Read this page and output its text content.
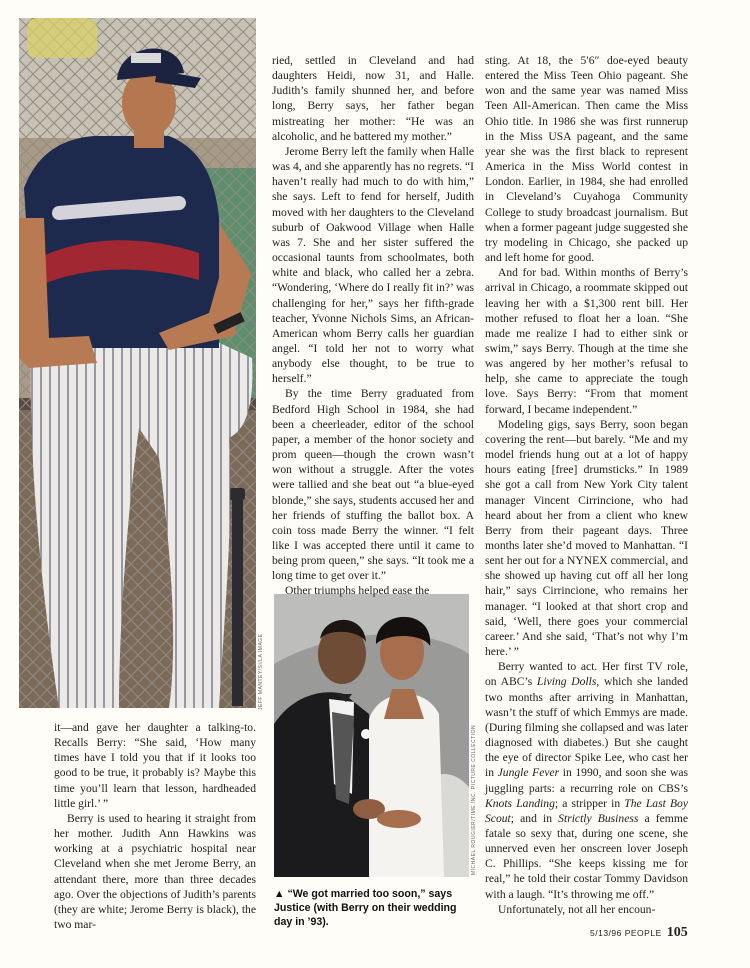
JEFF MANTEY/SI/LA IMAGE
MICHAEL ROUGIER/TIME INC. PICTURE COLLECTION
▲ “We got married too soon,” says Justice (with Berry on their wedding day in ’93).

it—and gave her daughter a talking-to. Recalls Berry: “She said, ‘How many times have I told you that if it looks too good to be true, it probably is? Maybe this time you’ll learn that lesson, hardheaded little girl.’ ”

Berry is used to hearing it straight from her mother. Judith Ann Hawkins was working at a psychiatric hospital near Cleveland when she met Jerome Berry, an attendant there, more than three decades ago. Over the objections of Judith’s parents (they are white; Jerome Berry is black), the two mar-

ried, settled in Cleveland and had daughters Heidi, now 31, and Halle. Judith’s family shunned her, and before long, Berry says, her father began mistreating her mother: “He was an alcoholic, and he battered my mother.”

Jerome Berry left the family when Halle was 4, and she apparently has no regrets. “I haven’t really had much to do with him,” she says. Left to fend for herself, Judith moved with her daughters to the Cleveland suburb of Oakwood Village when Halle was 7. She and her sister suffered the occasional taunts from schoolmates, both white and black, who called her a zebra. “Wondering, ‘Where do I really fit in?’ was challenging for her,” says her fifth-grade teacher, Yvonne Nichols Sims, an African-American whom Berry calls her guardian angel. “I told her not to worry what anybody else thought, to be true to herself.”

By the time Berry graduated from Bedford High School in 1984, she had been a cheerleader, editor of the school paper, a member of the honor society and prom queen—though the crown wasn’t won without a struggle. After the votes were tallied and she beat out “a blue-eyed blonde,” she says, students accused her and her friends of stuffing the ballot box. A coin toss made Berry the winner. “I felt like I was accepted there until it came to being prom queen,” she says. “It took me a long time to get over it.”

Other triumphs helped ease the

sting. At 18, the 5′6″ doe-eyed beauty entered the Miss Teen Ohio pageant. She won and the same year was named Miss Teen All-American. Then came the Miss Ohio title. In 1986 she was first runnerup in the Miss USA pageant, and the same year she was the first black to represent America in the Miss World contest in London. Earlier, in 1984, she had enrolled in Cleveland’s Cuyahoga Community College to study broadcast journalism. But when a former pageant judge suggested she try modeling in Chicago, she packed up and left home for good.

And for bad. Within months of Berry’s arrival in Chicago, a roommate skipped out leaving her with a $1,300 rent bill. Her mother refused to float her a loan. “She made me realize I had to either sink or swim,” says Berry. Though at the time she was angered by her mother’s refusal to help, she came to appreciate the tough love. Says Berry: “From that moment forward, I became independent.”

Modeling gigs, says Berry, soon began covering the rent—but barely. “Me and my model friends hung out at a lot of happy hours eating [free] drumsticks.” In 1989 she got a call from New York City talent manager Vincent Cirrincione, who had heard about her from a client who knew Berry from their pageant days. Three months later she’d moved to Manhattan. “I sent her out for a NYNEX commercial, and she showed up having cut off all her long hair,” says Cirrincione, who remains her manager. “I looked at that short crop and said, ‘Well, there goes your commercial career.’ And she said, ‘That’s not why I’m here.’ ”

Berry wanted to act. Her first TV role, on ABC’s Living Dolls, which she landed two months after arriving in Manhattan, wasn’t the stuff of which Emmys are made. (During filming she collapsed and was later diagnosed with diabetes.) But she caught the eye of director Spike Lee, who cast her in Jungle Fever in 1990, and soon she was juggling parts: a recurring role on CBS’s Knots Landing; a stripper in The Last Boy Scout; and in Strictly Business a femme fatale so sexy that, during one scene, she unnerved even her onscreen lover Joseph C. Phillips. “She keeps kissing me for real,” he told their costar Tommy Davidson with a laugh. “It’s throwing me off.”

Unfortunately, not all her encoun-

5/13/96 PEOPLE 105
